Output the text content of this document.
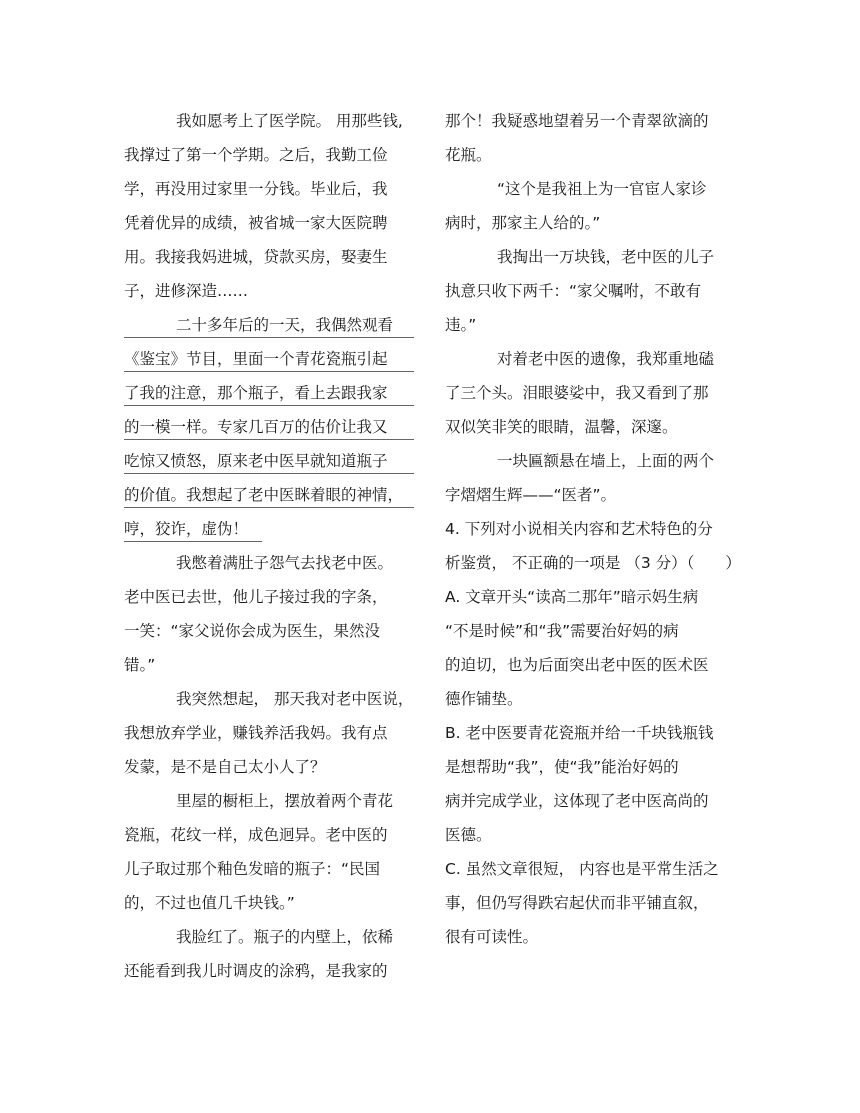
我如愿考上了医学院。 用那些钱,
我撑过了第一个学期。之后，我勤工俭
学，再没用过家里一分钱。毕业后，我
凭着优异的成绩，被省城一家大医院聘
用。我接我妈进城，贷款买房，娶妻生
子，进修深造……
二十多年后的一天，我偶然观看
《鉴宝》节目，里面一个青花瓷瓶引起
了我的注意，那个瓶子，看上去跟我家
的一模一样。专家几百万的估价让我又
吃惊又愤怒，原来老中医早就知道瓶子
的价值。我想起了老中医眯着眼的神情，
哼，狡诈，虚伪！
我憋着满肚子怨气去找老中医。
老中医已去世，他儿子接过我的字条，
一笑：“家父说你会成为医生，果然没
错。”
我突然想起， 那天我对老中医说，
我想放弃学业，赚钱养活我妈。我有点
发蒙，是不是自己太小人了？
里屋的橱柜上，摆放着两个青花
瓷瓶，花纹一样，成色迥异。老中医的
儿子取过那个釉色发暗的瓶子：“民国
的，不过也值几千块钱。”
我脸红了。瓶子的内壁上，依稀
还能看到我儿时调皮的涂鸦，是我家的
那个！我疑惑地望着另一个青翠欲滴的
花瓶。
“这个是我祖上为一官宦人家诊
病时，那家主人给的。”
我掏出一万块钱，老中医的儿子
执意只收下两千：“家父嘱咐，不敢有
违。”
对着老中医的遗像，我郑重地磕
了三个头。泪眼婆娑中，我又看到了那
双似笑非笑的眼睛，温馨，深邃。
一块匾额悬在墙上，上面的两个
字熠熠生辉——“医者”。
4. 下列对小说相关内容和艺术特色的分
析鉴赏， 不正确的一项是 （3 分）（　　）
A. 文章开头“读高二那年”暗示妈生病
“不是时候”和“我”需要治好妈的病
的迫切，也为后面突出老中医的医术医
德作铺垫。
B. 老中医要青花瓷瓶并给一千块钱瓶钱
是想帮助“我”，使“我”能治好妈的
病并完成学业，这体现了老中医高尚的
医德。
C. 虽然文章很短， 内容也是平常生活之
事，但仍写得跌宕起伏而非平铺直叙，
很有可读性。
